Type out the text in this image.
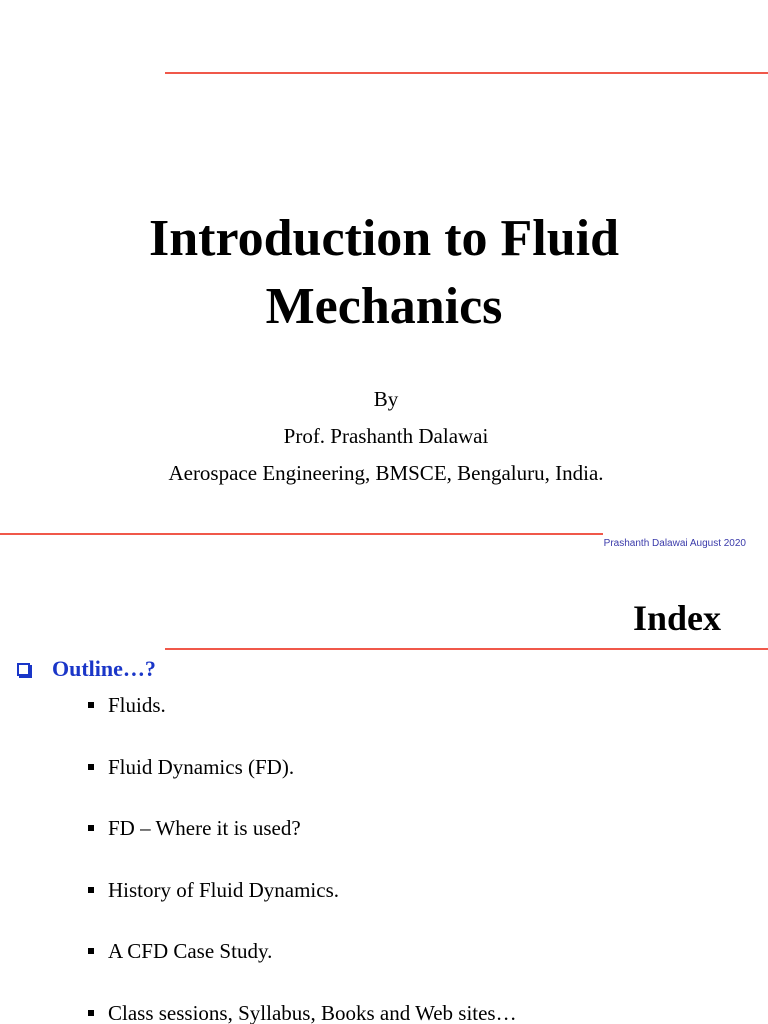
Introduction to Fluid
Mechanics
By
Prof. Prashanth Dalawai
Aerospace Engineering, BMSCE, Bengaluru, India.
Prashanth Dalawai August 2020
Index
Outline…?
Fluids.
Fluid Dynamics (FD).
FD – Where it is used?
History of Fluid Dynamics.
A CFD Case Study.
Class sessions, Syllabus, Books and Web sites…
